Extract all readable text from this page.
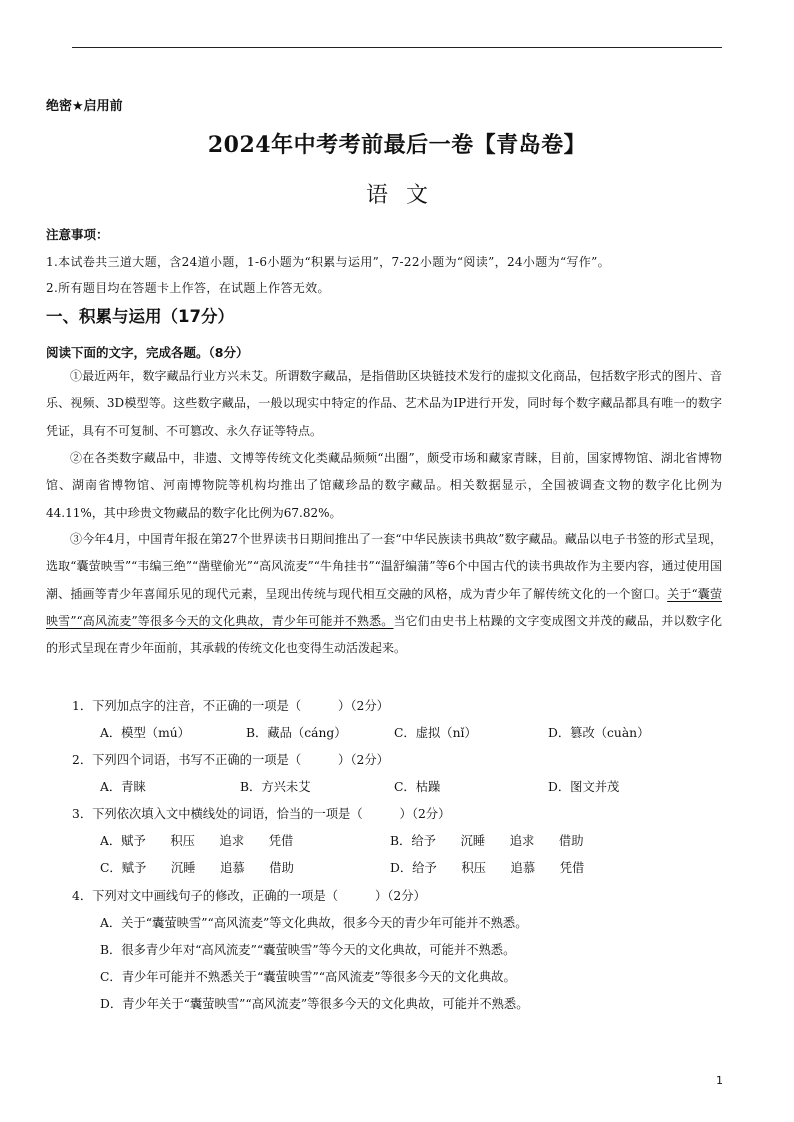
绝密★启用前
2024年中考考前最后一卷【青岛卷】
语文
注意事项：
1.本试卷共三道大题，含24道小题，1-6小题为“积累与运用”，7-22小题为“阅读”，24小题为“写作”。
2.所有题目均在答题卡上作答，在试题上作答无效。
一、积累与运用（17分）
阅读下面的文字，完成各题。（8分）
①最近两年，数字藏品行业方兴未艾。所谓数字藏品，是指借助区块链技术发行的虚拟文化商品，包括数字形式的图片、音乐、视频、3D模型等。这些数字藏品，一般以现实中特定的作品、艺术品为IP进行开发，同时每个数字藏品都具有唯一的数字凭证，具有不可复制、不可篡改、永久存证等特点。
②在各类数字藏品中，非遗、文博等传统文化类藏品频频“出圈”，颇受市场和藏家青睐，目前，国家博物馆、湖北省博物馆、湖南省博物馆、河南博物院等机构均推出了馆藏珍品的数字藏品。相关数据显示，全国被调查文物的数字化比例为44.11%，其中珍贵文物藏品的数字化比例为67.82%。
③今年4月，中国青年报在第27个世界读书日期间推出了一套“中华民族读书典故”数字藏品。藏品以电子书签的形式呈现，选取“囊萤映雪”“韦编三绝”“凿壁偷光”“高风流麦”“牛角挂书”“温舒编蒲”等6个中国古代的读书典故作为主要内容，通过使用国潮、插画等青少年喜闻乐见的现代元素，呈现出传统与现代相互交融的风格，成为青少年了解传统文化的一个窗口。关于“囊萤映雪”“高风流麦”等很多今天的文化典故，青少年可能并不熟悉。当它们由史书上枯躁的文字变成图文并茂的藏品，并以数字化的形式呈现在青少年面前，其承载的传统文化也变得生动活泼起来。
1．下列加点字的注音，不正确的一项是（　　　）（2分）
A．模型（mú）	B．藏品（cáng）	C．虚拟（nǐ）	D．篡改（cuàn）
2．下列四个词语，书写不正确的一项是（　　　）（2分）
A．青睐	B．方兴未艾	C．枯躁	D．图文并茂
3．下列依次填入文中横线处的词语，恰当的一项是（　　　）（2分）
A．赋予　　积压　　追求　　凭借	B．给予　　沉睡　　追求　　借助
C．赋予　　沉睡　　追慕　　借助	D．给予　　积压　　追慕　　凭借
4．下列对文中画线句子的修改，正确的一项是（　　　）（2分）
A．关于“囊萤映雪”“高风流麦”等文化典故，很多今天的青少年可能并不熟悉。
B．很多青少年对“高风流麦”“囊萤映雪”等今天的文化典故，可能并不熟悉。
C．青少年可能并不熟悉关于“囊萤映雪”“高风流麦”等很多今天的文化典故。
D．青少年关于“囊萤映雪”“高风流麦”等很多今天的文化典故，可能并不熟悉。
1
